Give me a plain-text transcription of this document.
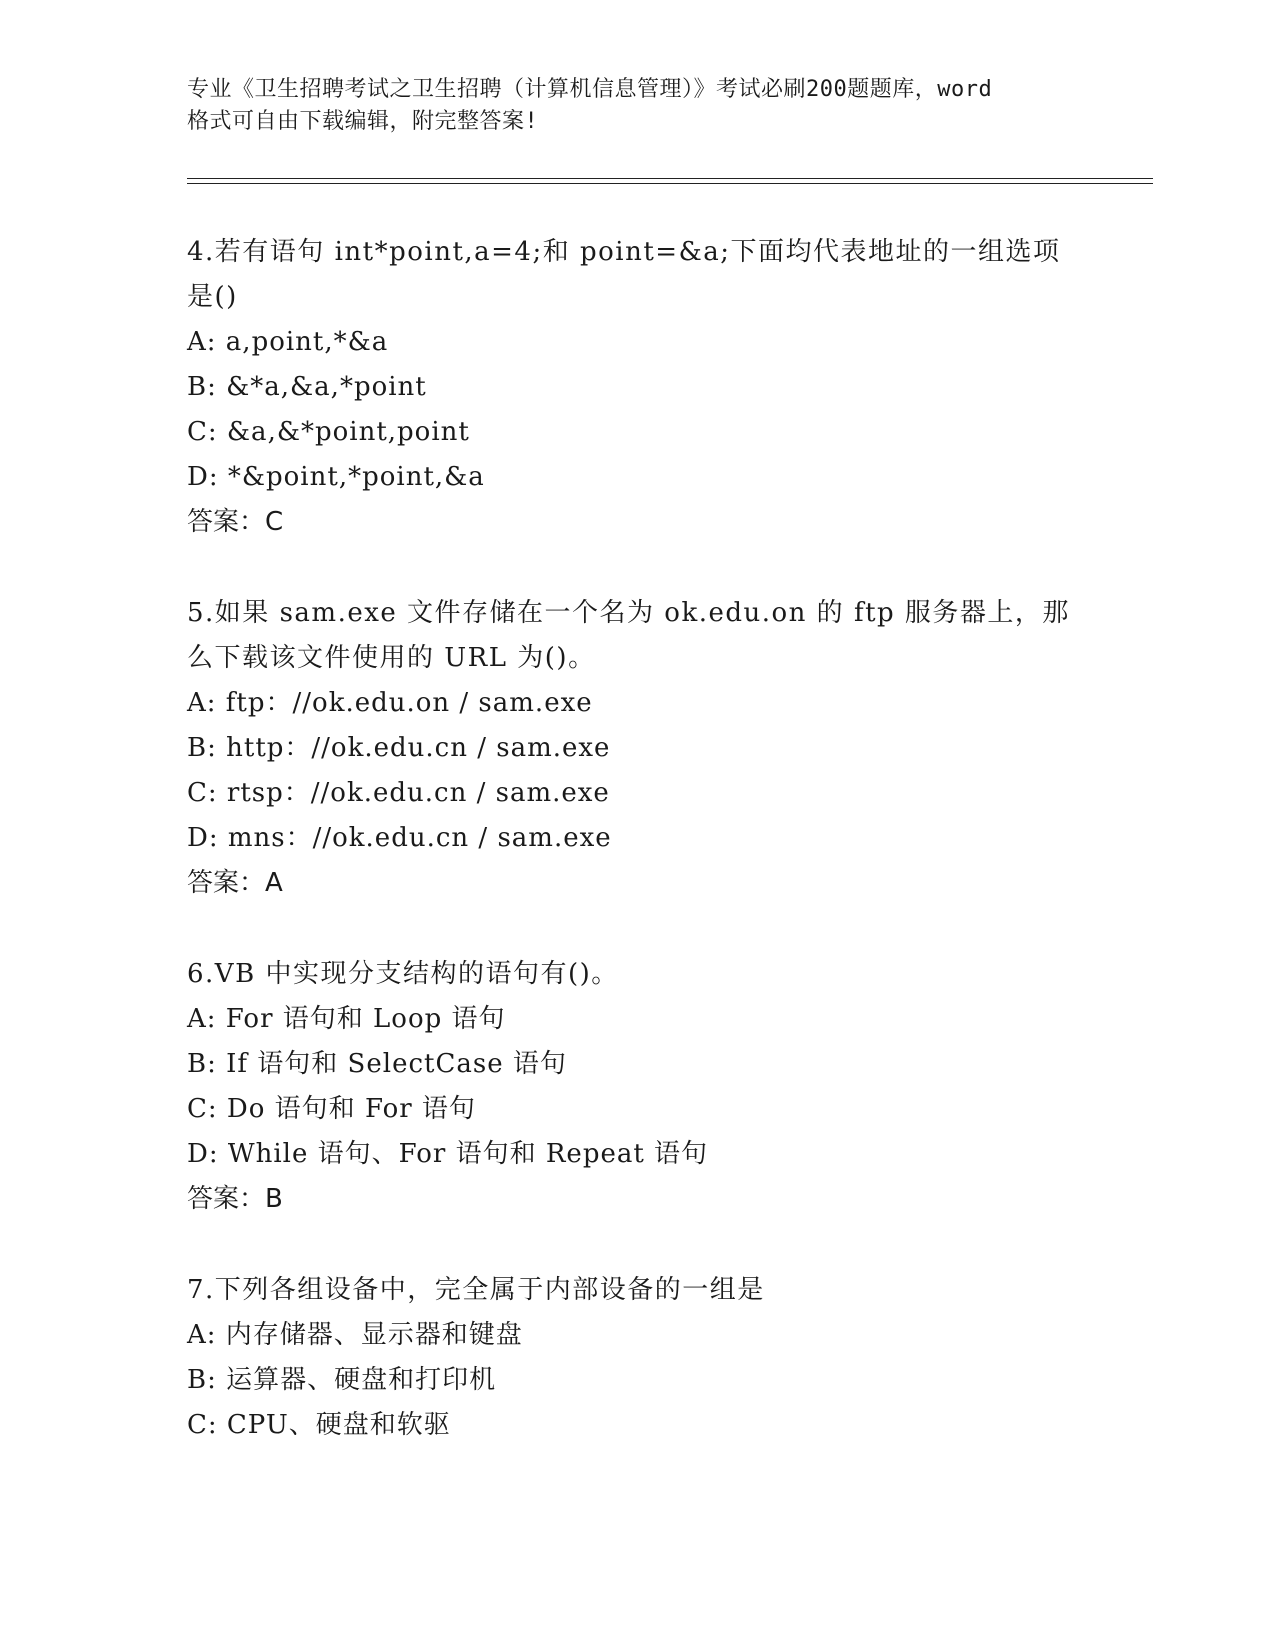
专业《卫生招聘考试之卫生招聘（计算机信息管理）》考试必刷200题题库，word
格式可自由下载编辑，附完整答案!
4.若有语句 int*point,a=4;和 point=&a;下面均代表地址的一组选项
是()
A: a,point,*&a
B: &*a,&a,*point
C: &a,&*point,point
D: *&point,*point,&a
答案：C
5.如果 sam.exe 文件存储在一个名为 ok.edu.on 的 ftp 服务器上，那
么下载该文件使用的 URL 为()。
A: ftp：//ok.edu.on / sam.exe
B: http：//ok.edu.cn / sam.exe
C: rtsp：//ok.edu.cn / sam.exe
D: mns：//ok.edu.cn / sam.exe
答案：A
6.VB 中实现分支结构的语句有()。
A: For 语句和 Loop 语句
B: If 语句和 SelectCase 语句
C: Do 语句和 For 语句
D: While 语句、For 语句和 Repeat 语句
答案：B
7.下列各组设备中，完全属于内部设备的一组是
A: 内存储器、显示器和键盘
B: 运算器、硬盘和打印机
C: CPU、硬盘和软驱
